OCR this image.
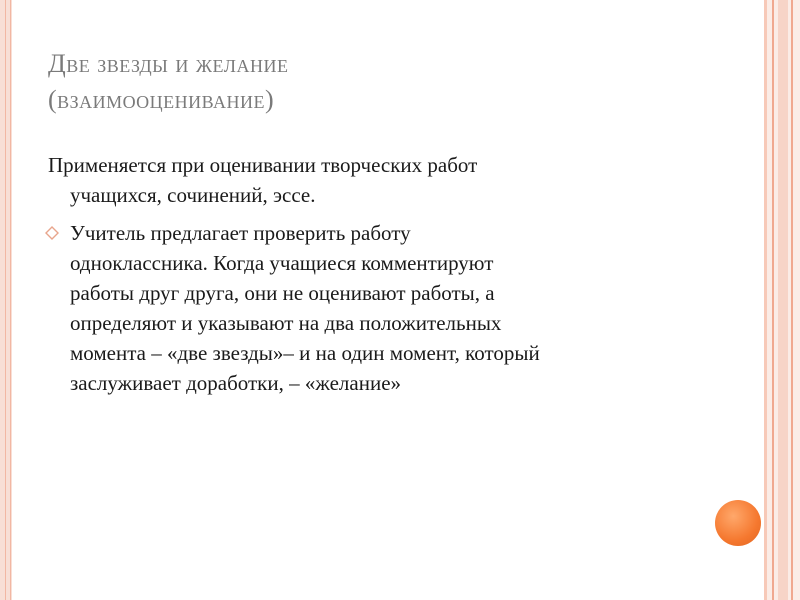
Две звезды и желание
(взаимооценивание)
Применяется при оценивании творческих работ
учащихся, сочинений, эссе.
Учитель предлагает проверить работу
одноклассника. Когда учащиеся комментируют
работы друг друга, они не оценивают работы, а
определяют и указывают на два положительных
момента – «две звезды»– и на один момент, который
заслуживает доработки, – «желание»
